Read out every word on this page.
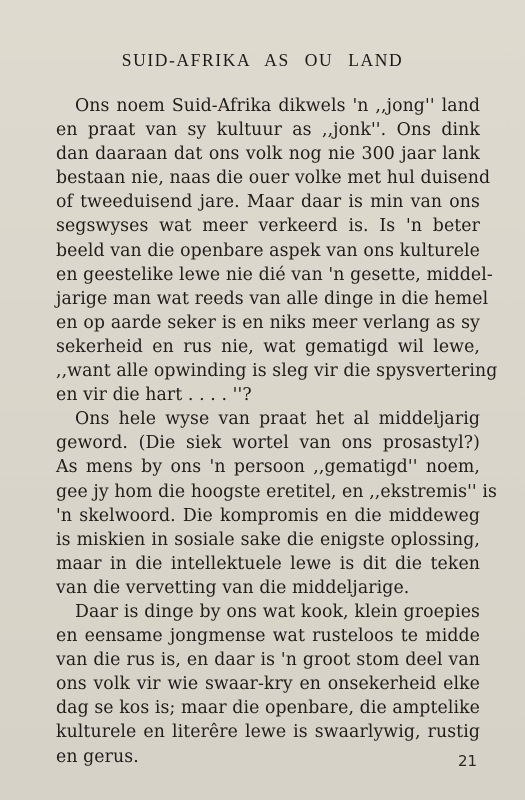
SUID-AFRIKA AS OU LAND
Ons noem Suid-Afrika dikwels 'n ,,jong'' land
en praat van sy kultuur as ,,jonk''. Ons dink
dan daaraan dat ons volk nog nie 300 jaar lank
bestaan nie, naas die ouer volke met hul duisend
of tweeduisend jare. Maar daar is min van ons
segswyses wat meer verkeerd is. Is 'n beter
beeld van die openbare aspek van ons kulturele
en geestelike lewe nie dié van 'n gesette, middel-
jarige man wat reeds van alle dinge in die hemel
en op aarde seker is en niks meer verlang as sy
sekerheid en rus nie, wat gematigd wil lewe,
,,want alle opwinding is sleg vir die spysvertering
en vir die hart . . . . ''?
Ons hele wyse van praat het al middeljarig
geword. (Die siek wortel van ons prosastyl?)
As mens by ons 'n persoon ,,gematigd'' noem,
gee jy hom die hoogste eretitel, en ,,ekstremis'' is
'n skelwoord. Die kompromis en die middeweg
is miskien in sosiale sake die enigste oplossing,
maar in die intellektuele lewe is dit die teken
van die vervetting van die middeljarige.
Daar is dinge by ons wat kook, klein groepies
en eensame jongmense wat rusteloos te midde
van die rus is, en daar is 'n groot stom deel van
ons volk vir wie swaar-kry en onsekerheid elke
dag se kos is; maar die openbare, die amptelike
kulturele en literêre lewe is swaarlywig, rustig
en gerus.	21
